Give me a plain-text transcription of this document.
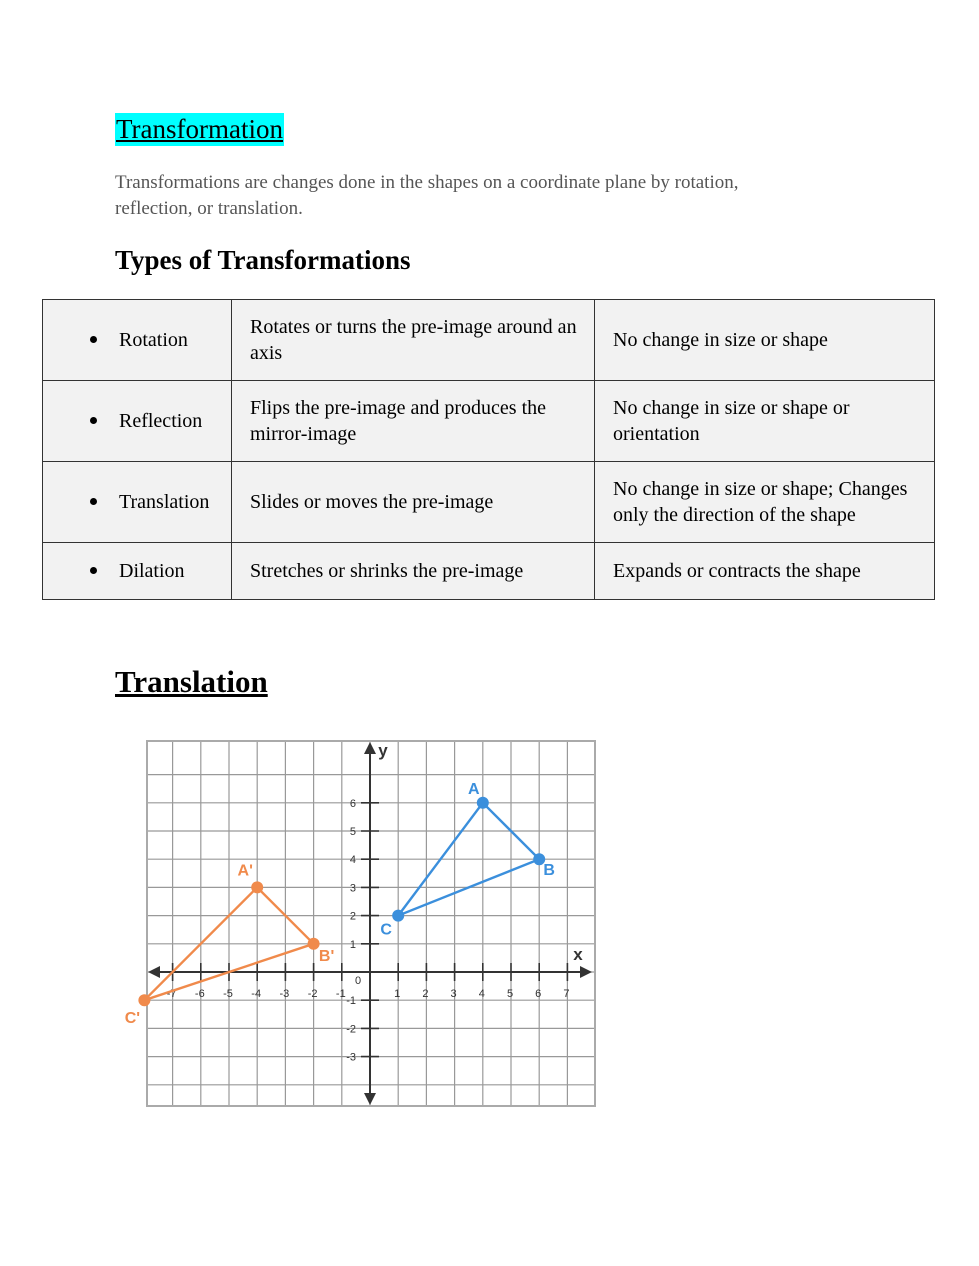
Transformation
Transformations are changes done in the shapes on a coordinate plane by rotation, reflection, or translation.
Types of Transformations
Rotation	Rotates or turns the pre-image around an axis	No change in size or shape
Reflection	Flips the pre-image and produces the mirror-image	No change in size or shape or orientation
Translation	Slides or moves the pre-image	No change in size or shape; Changes only the direction of the shape
Dilation	Stretches or shrinks the pre-image	Expands or contracts the shape
Translation
-7 -6 -5 -4 -3 -2 -1	1 2 3 4 5 6 7
-3
-2
-1
1
2
3
4
5
6
0
x
y
A
B
C
A'
B'
C'
